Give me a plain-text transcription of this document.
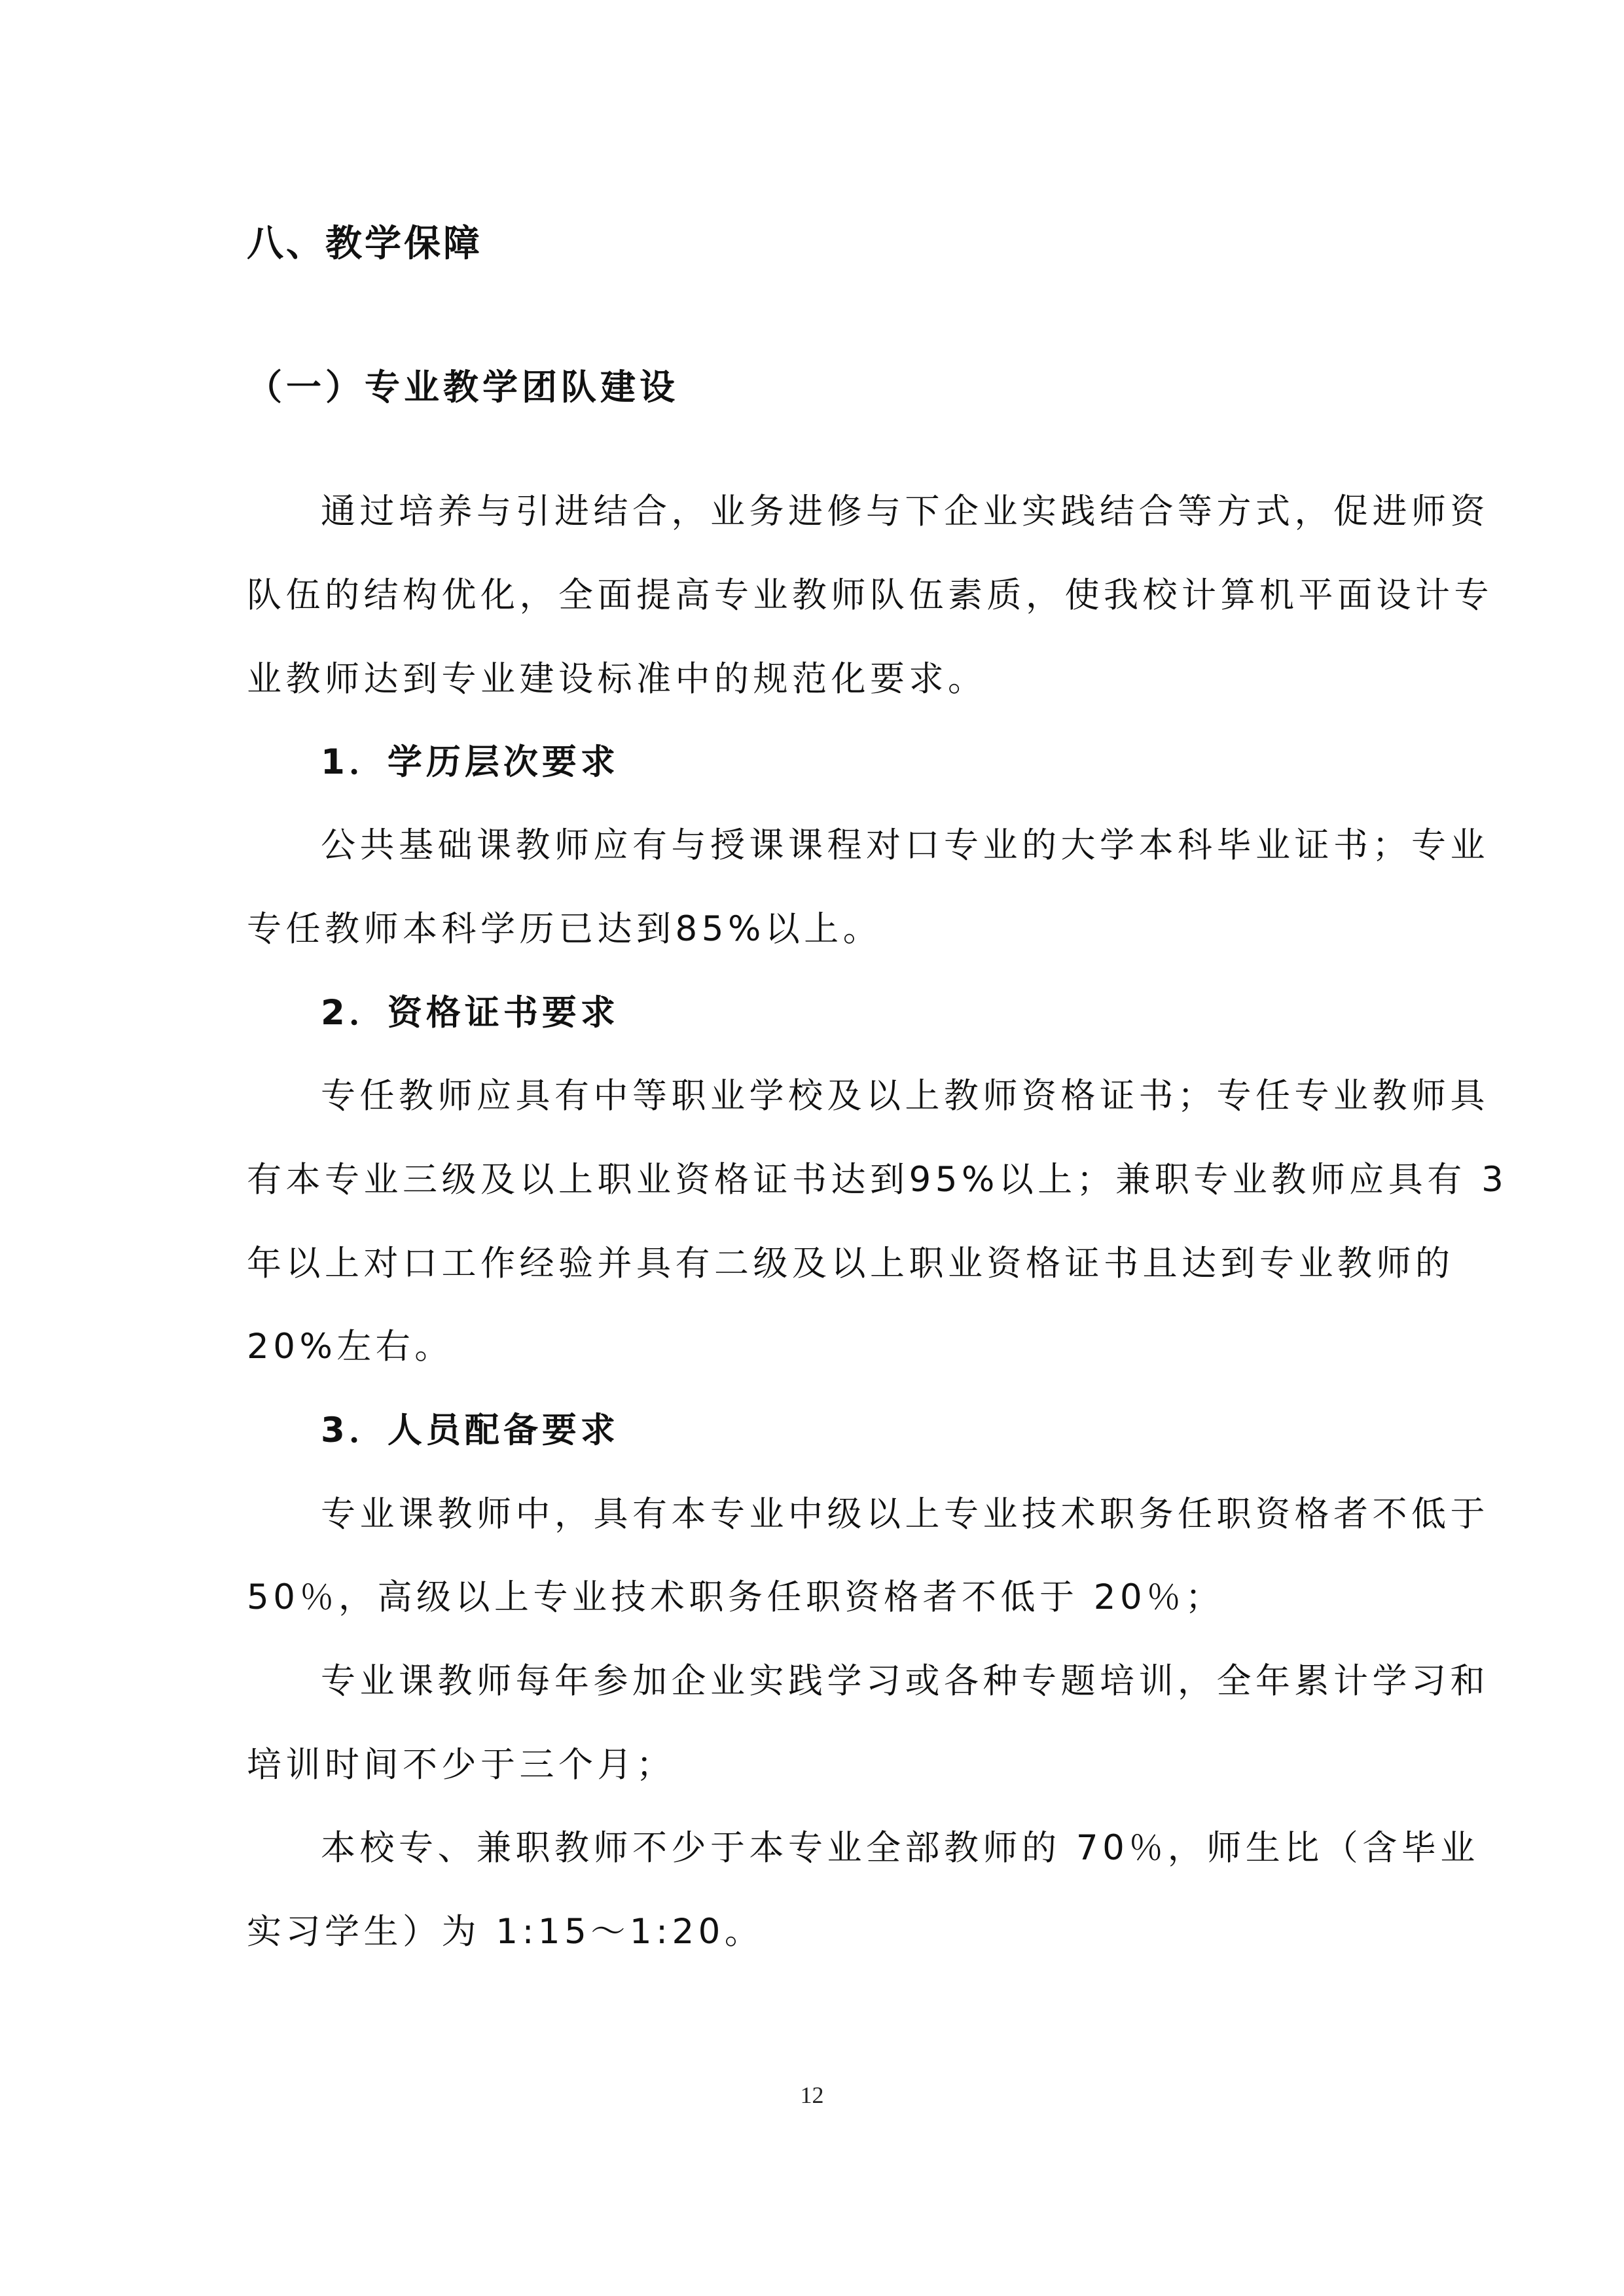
八、教学保障
（一）专业教学团队建设
通过培养与引进结合，业务进修与下企业实践结合等方式，促进师资
队伍的结构优化，全面提高专业教师队伍素质，使我校计算机平面设计专
业教师达到专业建设标准中的规范化要求。
1．学历层次要求
公共基础课教师应有与授课课程对口专业的大学本科毕业证书；专业
专任教师本科学历已达到85%以上。
2．资格证书要求
专任教师应具有中等职业学校及以上教师资格证书；专任专业教师具
有本专业三级及以上职业资格证书达到95%以上；兼职专业教师应具有 3
年以上对口工作经验并具有二级及以上职业资格证书且达到专业教师的
20%左右。
3．人员配备要求
专业课教师中，具有本专业中级以上专业技术职务任职资格者不低于
50％，高级以上专业技术职务任职资格者不低于 20％；
专业课教师每年参加企业实践学习或各种专题培训，全年累计学习和
培训时间不少于三个月；
本校专、兼职教师不少于本专业全部教师的 70％，师生比（含毕业
实习学生）为 1:15～1:20。
12
